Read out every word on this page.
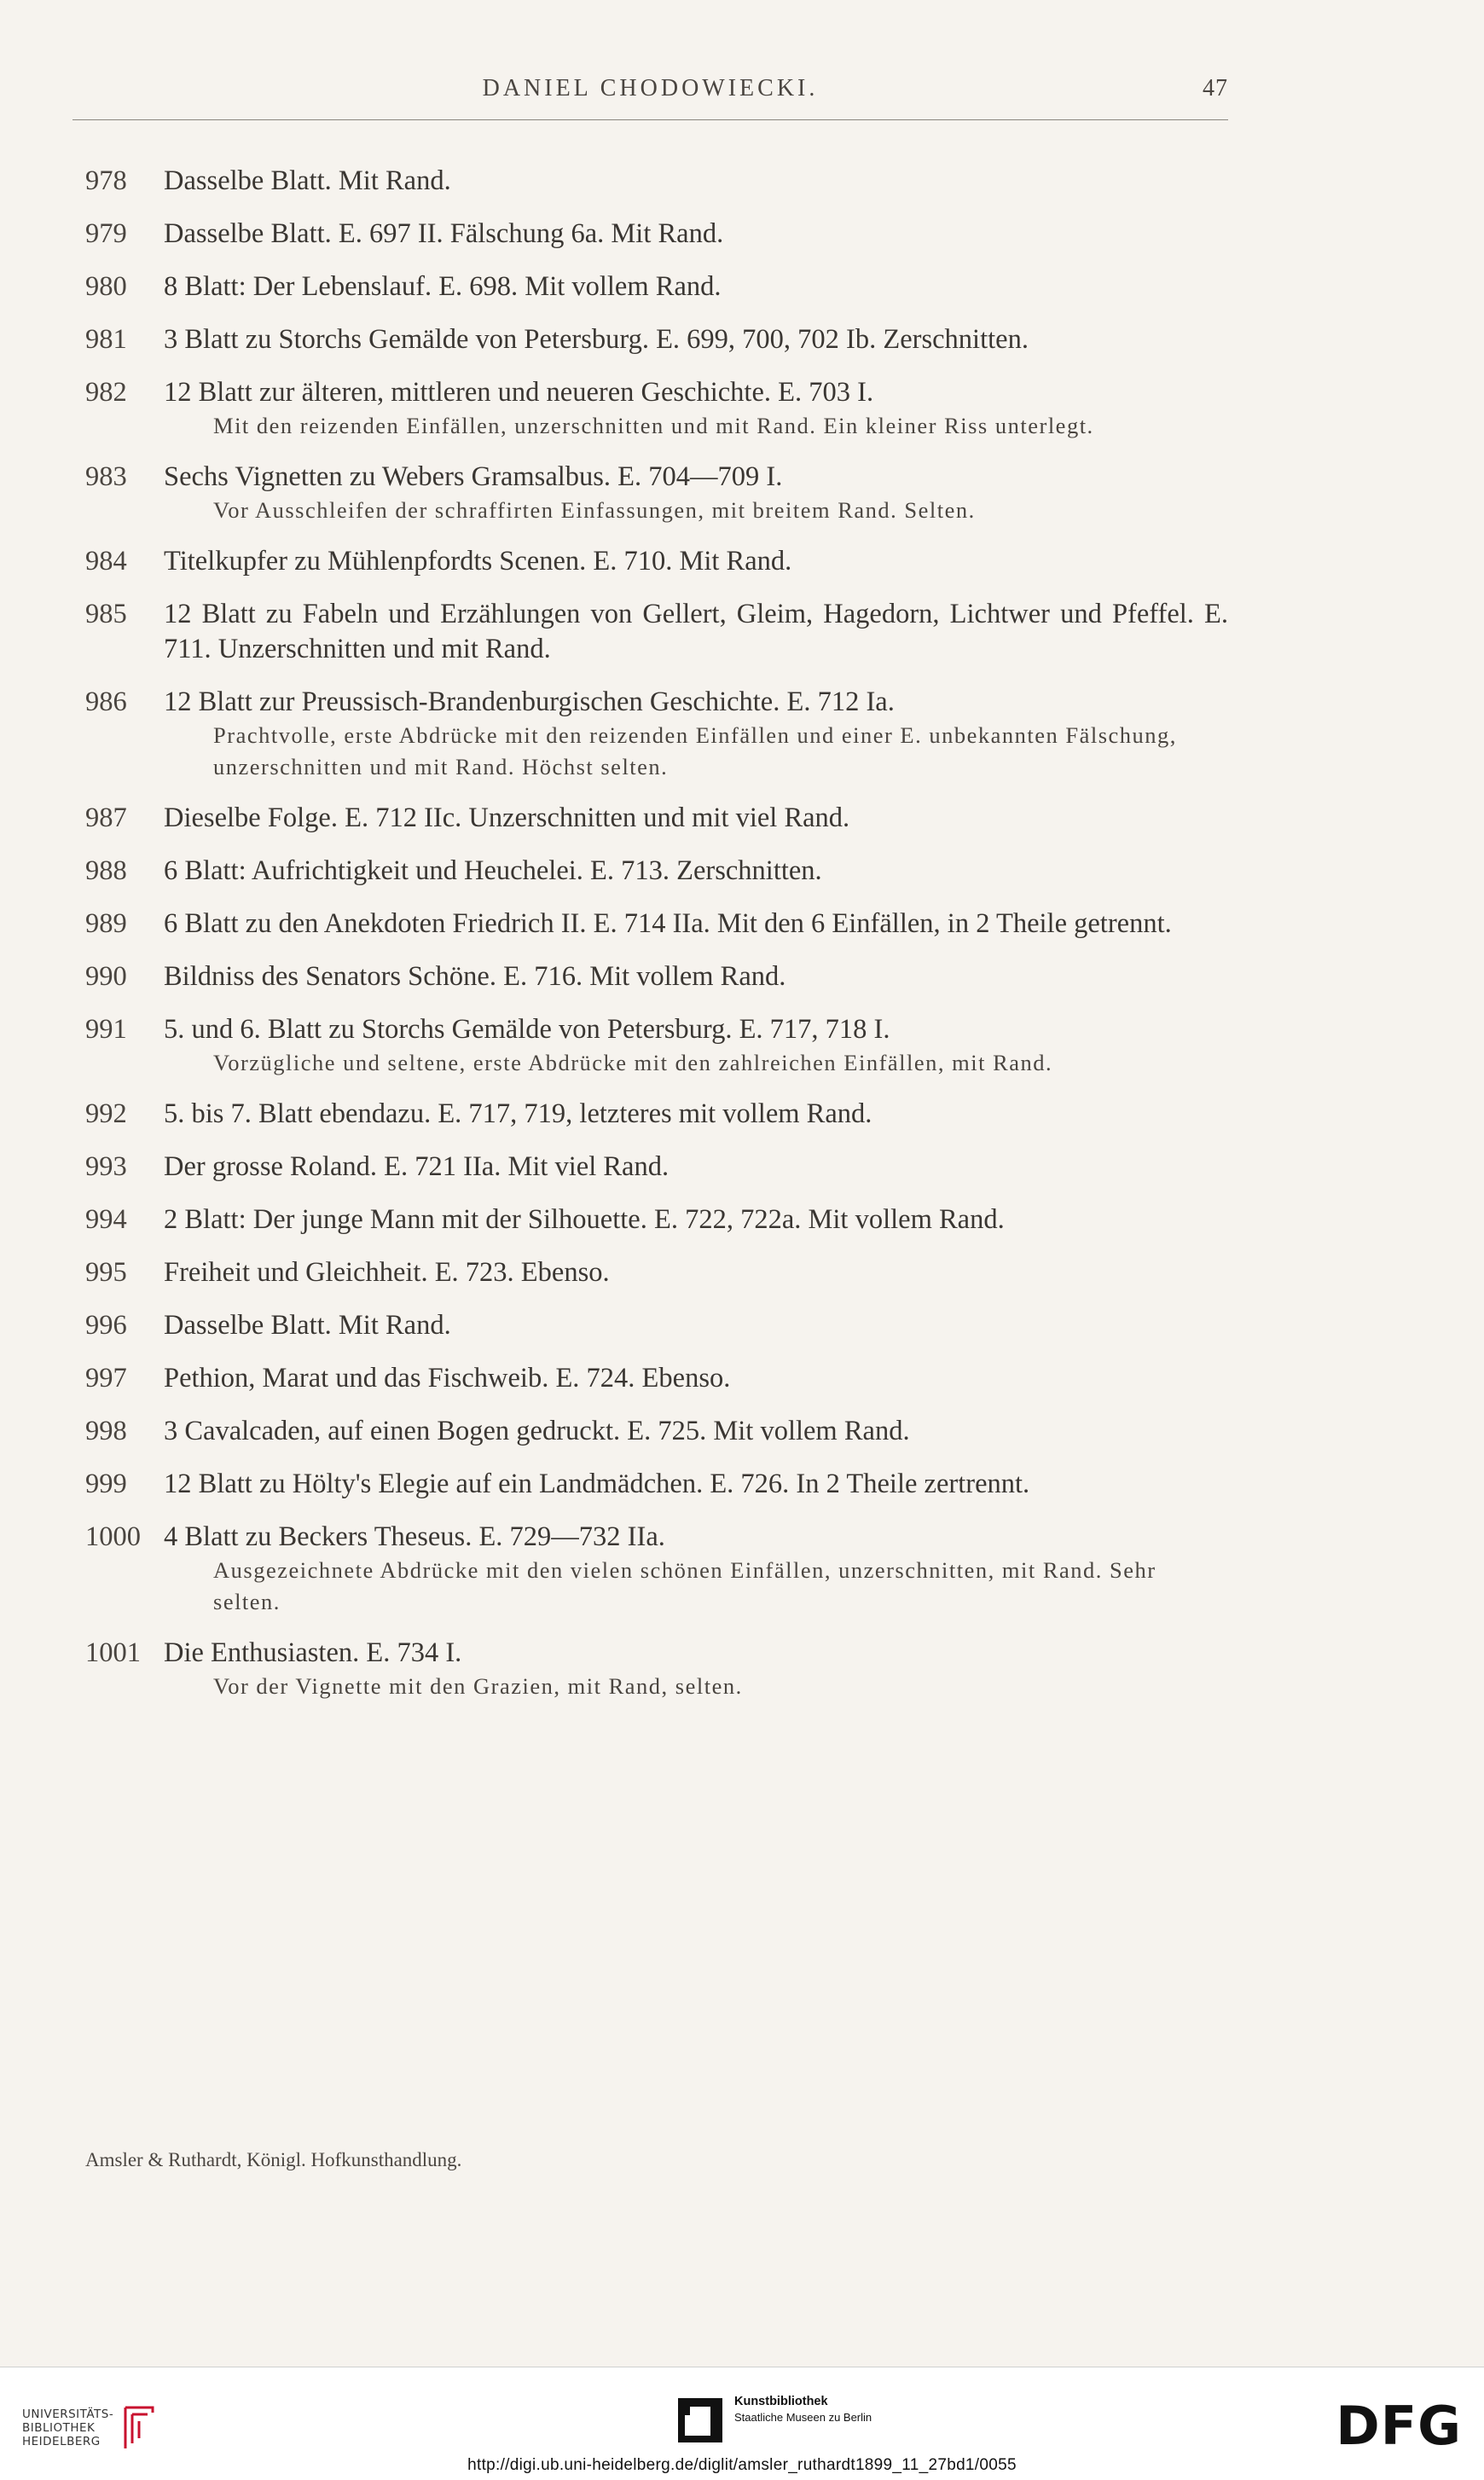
DANIEL CHODOWIECKI.	47
978	Dasselbe Blatt. Mit Rand.
979	Dasselbe Blatt. E. 697 II. Fälschung 6a. Mit Rand.
980	8 Blatt: Der Lebenslauf. E. 698. Mit vollem Rand.
981	3 Blatt zu Storchs Gemälde von Petersburg. E. 699, 700, 702 Ib. Zerschnitten.
982	12 Blatt zur älteren, mittleren und neueren Geschichte. E. 703 I.
Mit den reizenden Einfällen, unzerschnitten und mit Rand. Ein kleiner Riss unterlegt.
983	Sechs Vignetten zu Webers Gramsalbus. E. 704—709 I.
Vor Ausschleifen der schraffirten Einfassungen, mit breitem Rand. Selten.
984	Titelkupfer zu Mühlenpfordts Scenen. E. 710. Mit Rand.
985	12 Blatt zu Fabeln und Erzählungen von Gellert, Gleim, Hagedorn, Lichtwer und Pfeffel. E. 711. Unzerschnitten und mit Rand.
986	12 Blatt zur Preussisch-Brandenburgischen Geschichte. E. 712 Ia.
Prachtvolle, erste Abdrücke mit den reizenden Einfällen und einer E. unbekannten Fälschung, unzerschnitten und mit Rand. Höchst selten.
987	Dieselbe Folge. E. 712 IIc. Unzerschnitten und mit viel Rand.
988	6 Blatt: Aufrichtigkeit und Heuchelei. E. 713. Zerschnitten.
989	6 Blatt zu den Anekdoten Friedrich II. E. 714 IIa. Mit den 6 Einfällen, in 2 Theile getrennt.
990	Bildniss des Senators Schöne. E. 716. Mit vollem Rand.
991	5. und 6. Blatt zu Storchs Gemälde von Petersburg. E. 717, 718 I.
Vorzügliche und seltene, erste Abdrücke mit den zahlreichen Einfällen, mit Rand.
992	5. bis 7. Blatt ebendazu. E. 717, 719, letzteres mit vollem Rand.
993	Der grosse Roland. E. 721 IIa. Mit viel Rand.
994	2 Blatt: Der junge Mann mit der Silhouette. E. 722, 722a. Mit vollem Rand.
995	Freiheit und Gleichheit. E. 723. Ebenso.
996	Dasselbe Blatt. Mit Rand.
997	Pethion, Marat und das Fischweib. E. 724. Ebenso.
998	3 Cavalcaden, auf einen Bogen gedruckt. E. 725. Mit vollem Rand.
999	12 Blatt zu Hölty's Elegie auf ein Landmädchen. E. 726. In 2 Theile zertrennt.
1000 4 Blatt zu Beckers Theseus. E. 729—732 IIa.
Ausgezeichnete Abdrücke mit den vielen schönen Einfällen, unzerschnitten, mit Rand. Sehr selten.
1001 Die Enthusiasten. E. 734 I.
Vor der Vignette mit den Grazien, mit Rand, selten.
Amsler & Ruthardt, Königl. Hofkunsthandlung.
UNIVERSITÄTS-
BIBLIOTHEK
HEIDELBERG
Kunstbibliothek
Staatliche Museen zu Berlin	DFG
http://digi.ub.uni-heidelberg.de/diglit/amsler_ruthardt1899_11_27bd1/0055
